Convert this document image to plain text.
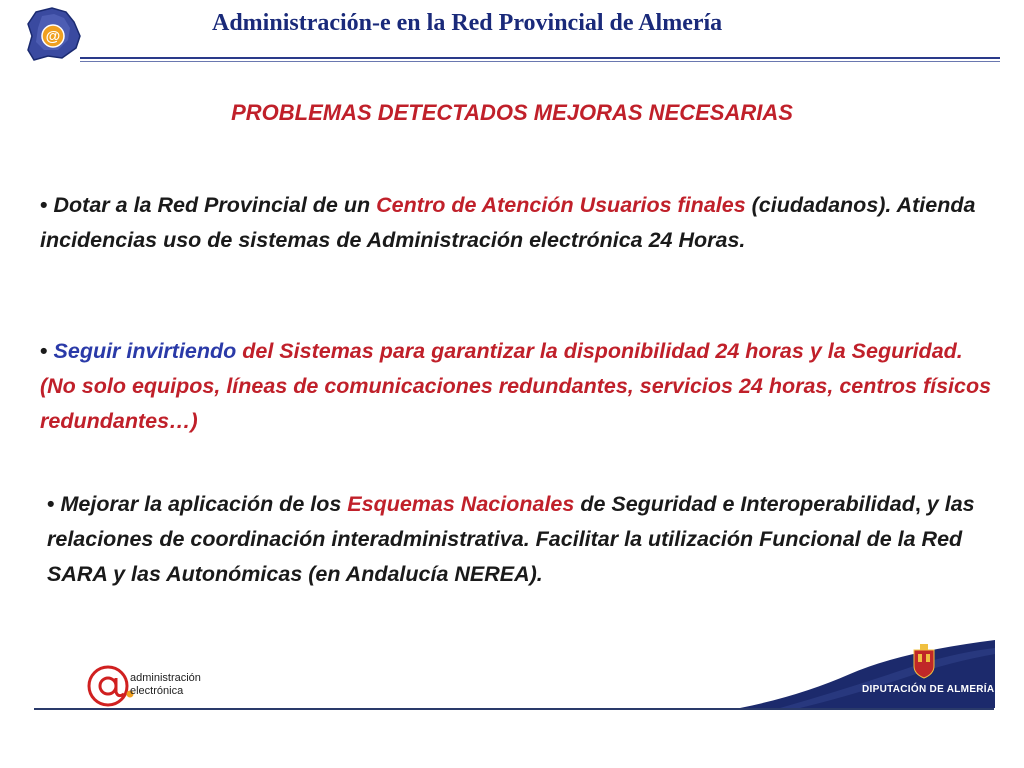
@
Administración-e en la Red Provincial de Almería
PROBLEMAS DETECTADOS MEJORAS NECESARIAS

• Dotar a la Red Provincial de un Centro de Atención Usuarios finales (ciudadanos). Atienda incidencias uso de sistemas de Administración electrónica 24 Horas.

• Seguir invirtiendo del Sistemas para garantizar la disponibilidad 24 horas y la Seguridad. (No solo equipos, líneas de comunicaciones redundantes, servicios 24 horas, centros físicos redundantes…)

• Mejorar la aplicación de los Esquemas Nacionales de Seguridad e Interoperabilidad, y las relaciones de coordinación interadministrativa. Facilitar la utilización Funcional de la Red SARA y las Autonómicas (en Andalucía NEREA).

administración
electrónica	DIPUTACIÓN DE ALMERÍA
